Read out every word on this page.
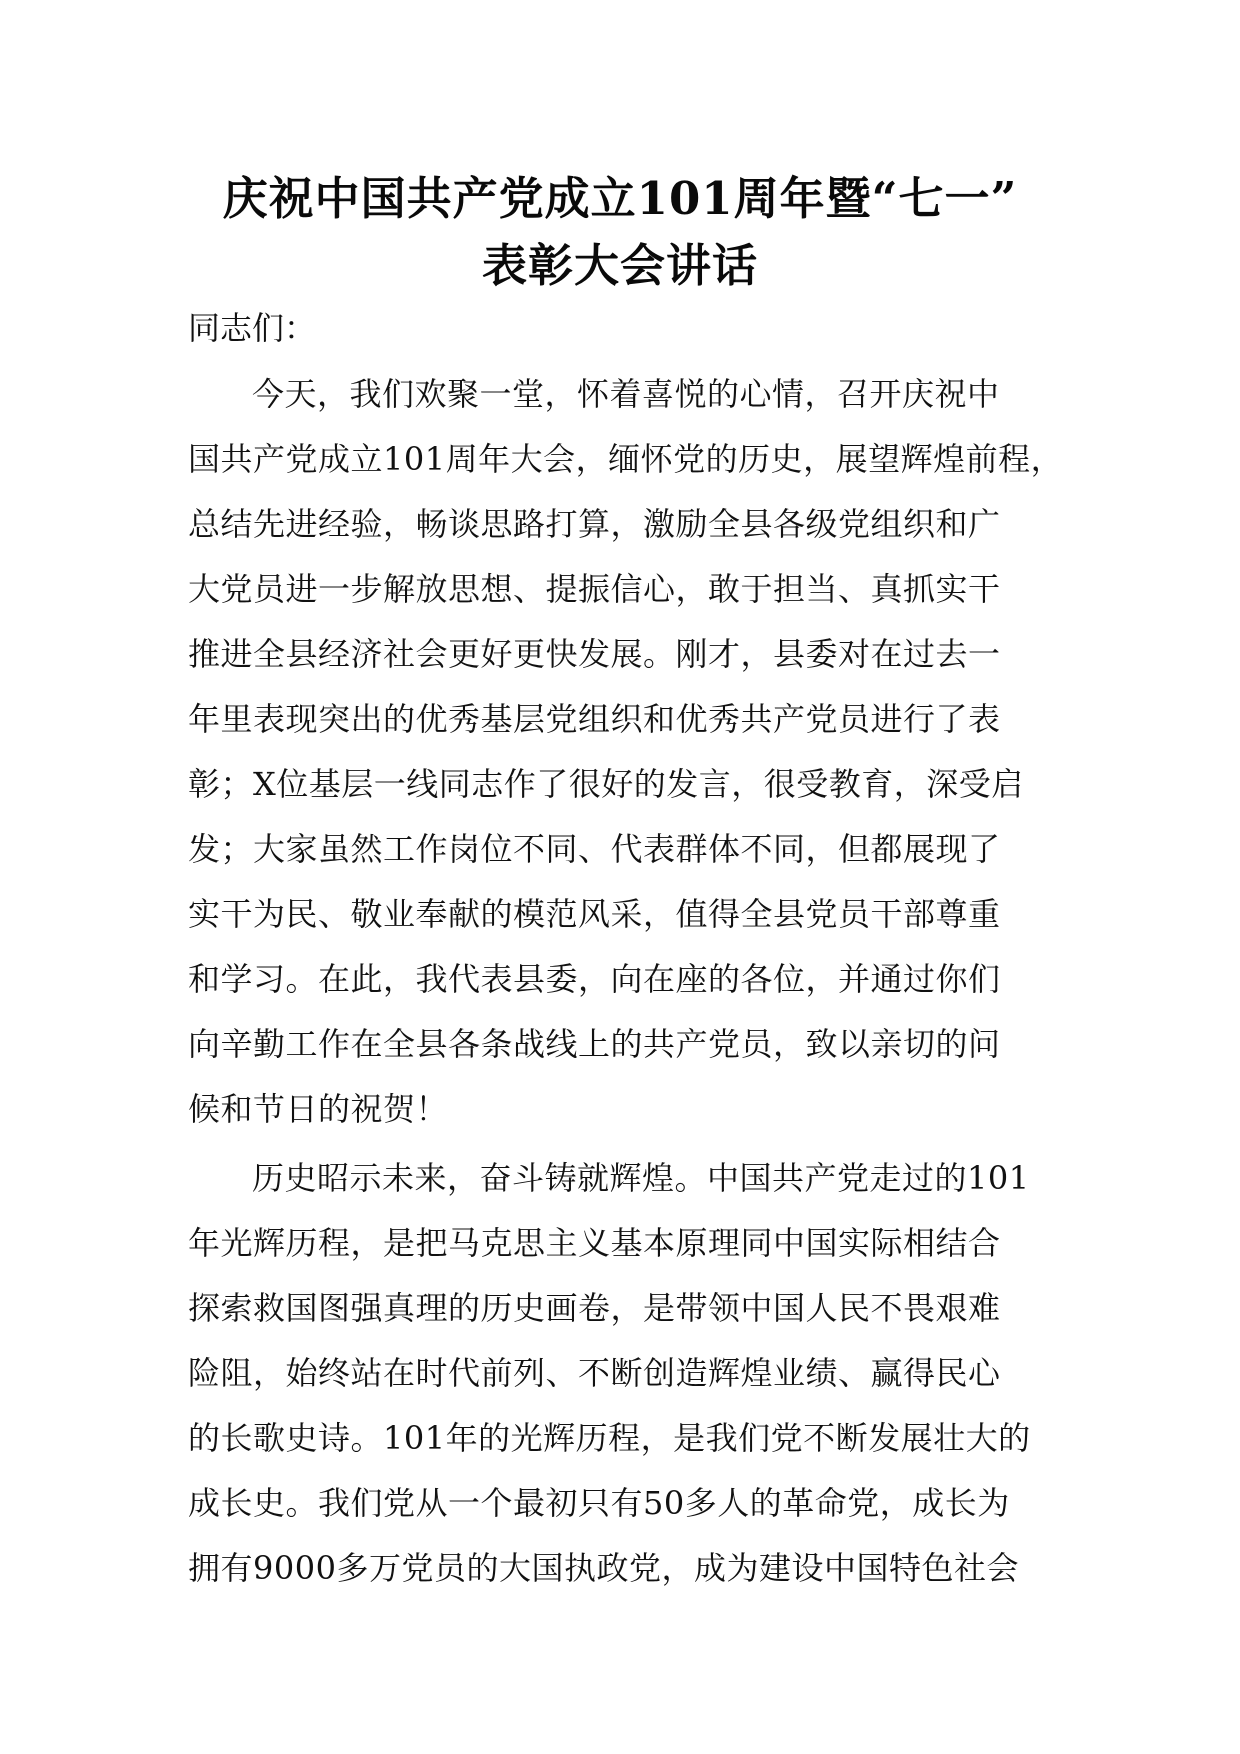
庆祝中国共产党成立101周年暨“七一”
表彰大会讲话
同志们：
今天，我们欢聚一堂，怀着喜悦的心情，召开庆祝中
国共产党成立101周年大会，缅怀党的历史，展望辉煌前程，
总结先进经验，畅谈思路打算，激励全县各级党组织和广
大党员进一步解放思想、提振信心，敢于担当、真抓实干
推进全县经济社会更好更快发展。刚才，县委对在过去一
年里表现突出的优秀基层党组织和优秀共产党员进行了表
彰；X位基层一线同志作了很好的发言，很受教育，深受启
发；大家虽然工作岗位不同、代表群体不同，但都展现了
实干为民、敬业奉献的模范风采，值得全县党员干部尊重
和学习。在此，我代表县委，向在座的各位，并通过你们
向辛勤工作在全县各条战线上的共产党员，致以亲切的问
候和节日的祝贺！
历史昭示未来，奋斗铸就辉煌。中国共产党走过的101
年光辉历程，是把马克思主义基本原理同中国实际相结合
探索救国图强真理的历史画卷，是带领中国人民不畏艰难
险阻，始终站在时代前列、不断创造辉煌业绩、赢得民心
的长歌史诗。101年的光辉历程，是我们党不断发展壮大的
成长史。我们党从一个最初只有50多人的革命党，成长为
拥有9000多万党员的大国执政党，成为建设中国特色社会
